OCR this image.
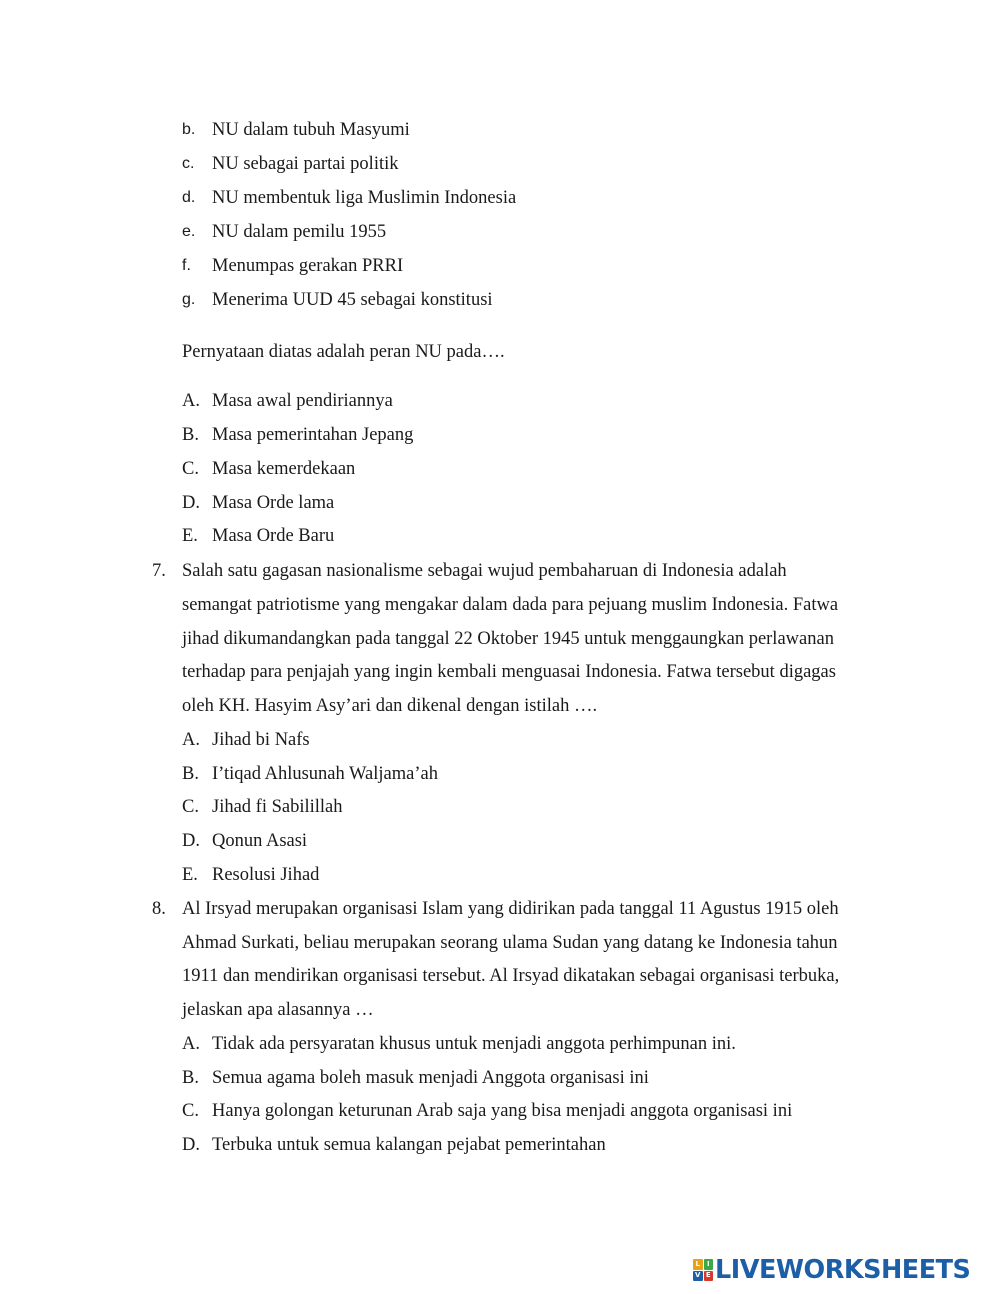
b. NU dalam tubuh Masyumi
c. NU sebagai partai politik
d. NU membentuk liga Muslimin Indonesia
e. NU dalam pemilu 1955
f. Menumpas gerakan PRRI
g. Menerima UUD 45 sebagai konstitusi
Pernyataan diatas adalah peran NU pada….
A. Masa awal pendiriannya
B. Masa pemerintahan Jepang
C. Masa kemerdekaan
D. Masa Orde lama
E. Masa Orde Baru
7. Salah satu gagasan nasionalisme sebagai wujud pembaharuan di Indonesia adalah
semangat patriotisme yang mengakar dalam dada para pejuang muslim Indonesia. Fatwa
jihad dikumandangkan pada tanggal 22 Oktober 1945 untuk menggaungkan perlawanan
terhadap para penjajah yang ingin kembali menguasai Indonesia. Fatwa tersebut digagas
oleh KH. Hasyim Asy’ari dan dikenal dengan istilah ….
A. Jihad bi Nafs
B. I’tiqad Ahlusunah Waljama’ah
C. Jihad fi Sabilillah
D. Qonun Asasi
E. Resolusi Jihad
8. Al Irsyad merupakan organisasi Islam yang didirikan pada tanggal 11 Agustus 1915 oleh
Ahmad Surkati, beliau merupakan seorang ulama Sudan yang datang ke Indonesia tahun
1911 dan mendirikan organisasi tersebut. Al Irsyad dikatakan sebagai organisasi terbuka,
jelaskan apa alasannya …
A. Tidak ada persyaratan khusus untuk menjadi anggota perhimpunan ini.
B. Semua agama boleh masuk menjadi Anggota organisasi ini
C. Hanya golongan keturunan Arab saja yang bisa menjadi anggota organisasi ini
D. Terbuka untuk semua kalangan pejabat pemerintahan
L I
V E LIVEWORKSHEETS
